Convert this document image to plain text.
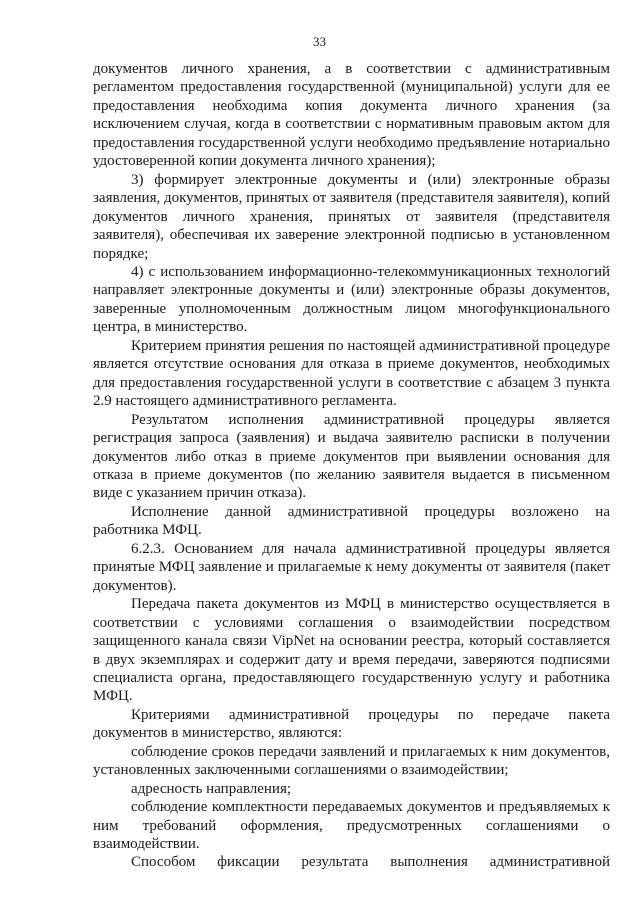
33

документов личного хранения, а в соответствии с административным регламентом предоставления государственной (муниципальной) услуги для ее предоставления необходима копия документа личного хранения (за исключением случая, когда в соответствии с нормативным правовым актом для предоставления государственной услуги необходимо предъявление нотариально удостоверенной копии документа личного хранения);

3) формирует электронные документы и (или) электронные образы заявления, документов, принятых от заявителя (представителя заявителя), копий документов личного хранения, принятых от заявителя (представителя заявителя), обеспечивая их заверение электронной подписью в установленном порядке;

4) с использованием информационно-телекоммуникационных технологий направляет электронные документы и (или) электронные образы документов, заверенные уполномоченным должностным лицом многофункционального центра, в министерство.

Критерием принятия решения по настоящей административной процедуре является отсутствие основания для отказа в приеме документов, необходимых для предоставления государственной услуги в соответствие с абзацем 3 пункта 2.9 настоящего административного регламента.

Результатом исполнения административной процедуры является регистрация запроса (заявления) и выдача заявителю расписки в получении документов либо отказ в приеме документов при выявлении основания для отказа в приеме документов (по желанию заявителя выдается в письменном виде с указанием причин отказа).

Исполнение данной административной процедуры возложено на работника МФЦ.

6.2.3. Основанием для начала административной процедуры является принятые МФЦ заявление и прилагаемые к нему документы от заявителя (пакет документов).

Передача пакета документов из МФЦ в министерство осуществляется в соответствии с условиями соглашения о взаимодействии посредством защищенного канала связи VipNet на основании реестра, который составляется в двух экземплярах и содержит дату и время передачи, заверяются подписями специалиста органа, предоставляющего государственную услугу и работника МФЦ.

Критериями административной процедуры по передаче пакета документов в министерство, являются:

соблюдение сроков передачи заявлений и прилагаемых к ним документов, установленных заключенными соглашениями о взаимодействии;

адресность направления;

соблюдение комплектности передаваемых документов и предъявляемых к ним требований оформления, предусмотренных соглашениями о взаимодействии.

Способом фиксации результата выполнения административной
